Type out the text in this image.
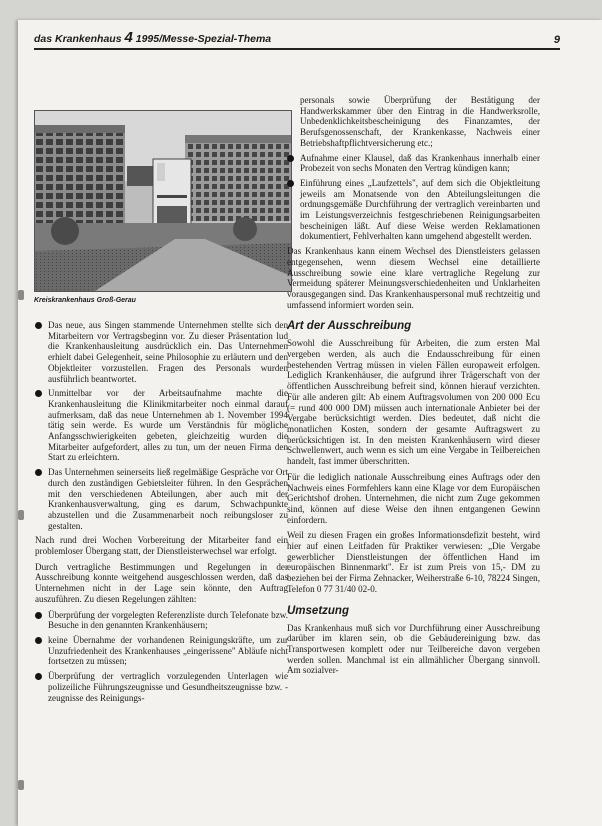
das Krankenhaus 4 1995/Messe-Spezial-Thema	9
Kreiskrankenhaus Groß-Gerau
Das neue, aus Singen stammende Unternehmen stellte sich den Mitarbeitern vor Vertragsbeginn vor. Zu dieser Präsentation lud die Krankenhausleitung ausdrücklich ein. Das Unternehmen erhielt dabei Gelegenheit, seine Philosophie zu erläutern und den Objektleiter vorzustellen. Fragen des Personals wurden ausführlich beantwortet.
Unmittelbar vor der Arbeitsaufnahme machte die Krankenhausleitung die Klinikmitarbeiter noch einmal darauf aufmerksam, daß das neue Unternehmen ab 1. November 1994 tätig sein werde. Es wurde um Verständnis für mögliche Anfangsschwierigkeiten gebeten, gleichzeitig wurden die Mitarbeiter aufgefordert, alles zu tun, um der neuen Firma den Start zu erleichtern.
Das Unternehmen seinerseits ließ regelmäßige Gespräche vor Ort durch den zuständigen Gebietsleiter führen. In den Gesprächen mit den verschiedenen Abteilungen, aber auch mit der Krankenhausverwaltung, ging es darum, Schwachpunkte abzustellen und die Zusammenarbeit noch reibungsloser zu gestalten.

Nach rund drei Wochen Vorbereitung der Mitarbeiter fand ein problemloser Übergang statt, der Dienstleisterwechsel war erfolgt.

Durch vertragliche Bestimmungen und Regelungen in der Ausschreibung konnte weitgehend ausgeschlossen werden, daß das Unternehmen nicht in der Lage sein könnte, den Auftrag auszuführen. Zu diesen Regelungen zählten:

Überprüfung der vorgelegten Referenzliste durch Telefonate bzw. Besuche in den genannten Krankenhäusern;
keine Übernahme der vorhandenen Reinigungskräfte, um zur Unzufriedenheit des Krankenhauses „eingerissene" Abläufe nicht fortsetzen zu müssen;
Überprüfung der vertraglich vorzulegenden Unterlagen wie polizeiliche Führungszeugnisse und Gesundheitszeugnisse bzw. -zeugnisse des Reinigungs-
personals sowie Überprüfung der Bestätigung der Handwerkskammer über den Eintrag in die Handwerksrolle, Unbedenklichkeitsbescheinigung des Finanzamtes, der Berufsgenossenschaft, der Krankenkasse, Nachweis einer Betriebshaftpflichtversicherung etc.;
Aufnahme einer Klausel, daß das Krankenhaus innerhalb einer Probezeit von sechs Monaten den Vertrag kündigen kann;
Einführung eines „Laufzettels", auf dem sich die Objektleitung jeweils am Monatsende von den Abteilungsleitungen die ordnungsgemäße Durchführung der vertraglich vereinbarten und im Leistungsverzeichnis festgeschriebenen Reinigungsarbeiten bescheinigen läßt. Auf diese Weise werden Reklamationen dokumentiert, Fehlverhalten kann umgehend abgestellt werden.

Das Krankenhaus kann einem Wechsel des Dienstleisters gelassen entgegensehen, wenn diesem Wechsel eine detaillierte Ausschreibung sowie eine klare vertragliche Regelung zur Vermeidung späterer Meinungsverschiedenheiten und Unklarheiten vorausgegangen sind. Das Krankenhauspersonal muß rechtzeitig und umfassend informiert worden sein.

Art der Ausschreibung

Sowohl die Ausschreibung für Arbeiten, die zum ersten Mal vergeben werden, als auch die Endausschreibung für einen bestehenden Vertrag müssen in vielen Fällen europaweit erfolgen. Lediglich Krankenhäuser, die aufgrund ihrer Trägerschaft von der öffentlichen Ausschreibung befreit sind, können hierauf verzichten. Für alle anderen gilt: Ab einem Auftragsvolumen von 200 000 Ecu (= rund 400 000 DM) müssen auch internationale Anbieter bei der Vergabe berücksichtigt werden. Dies bedeutet, daß nicht die monatlichen Kosten, sondern der gesamte Auftragswert zu berücksichtigen ist. In den meisten Krankenhäusern wird dieser Schwellenwert, auch wenn es sich um eine Vergabe in Teilbereichen handelt, fast immer überschritten.

Für die lediglich nationale Ausschreibung eines Auftrags oder den Nachweis eines Formfehlers kann eine Klage vor dem Europäischen Gerichtshof drohen. Unternehmen, die nicht zum Zuge gekommen sind, können auf diese Weise den ihnen entgangenen Gewinn einfordern.

Weil zu diesen Fragen ein großes Informationsdefizit besteht, wird hier auf einen Leitfaden für Praktiker verwiesen: „Die Vergabe gewerblicher Dienstleistungen der öffentlichen Hand im europäischen Binnenmarkt". Er ist zum Preis von 15,- DM zu beziehen bei der Firma Zehnacker, Weiherstraße 6-10, 78224 Singen, Telefon 0 77 31/40 02-0.

Umsetzung

Das Krankenhaus muß sich vor Durchführung einer Ausschreibung darüber im klaren sein, ob die Gebäudereinigung bzw. das Transportwesen komplett oder nur Teilbereiche davon vergeben werden sollen. Manchmal ist ein allmählicher Übergang sinnvoll. Am sozialver-
